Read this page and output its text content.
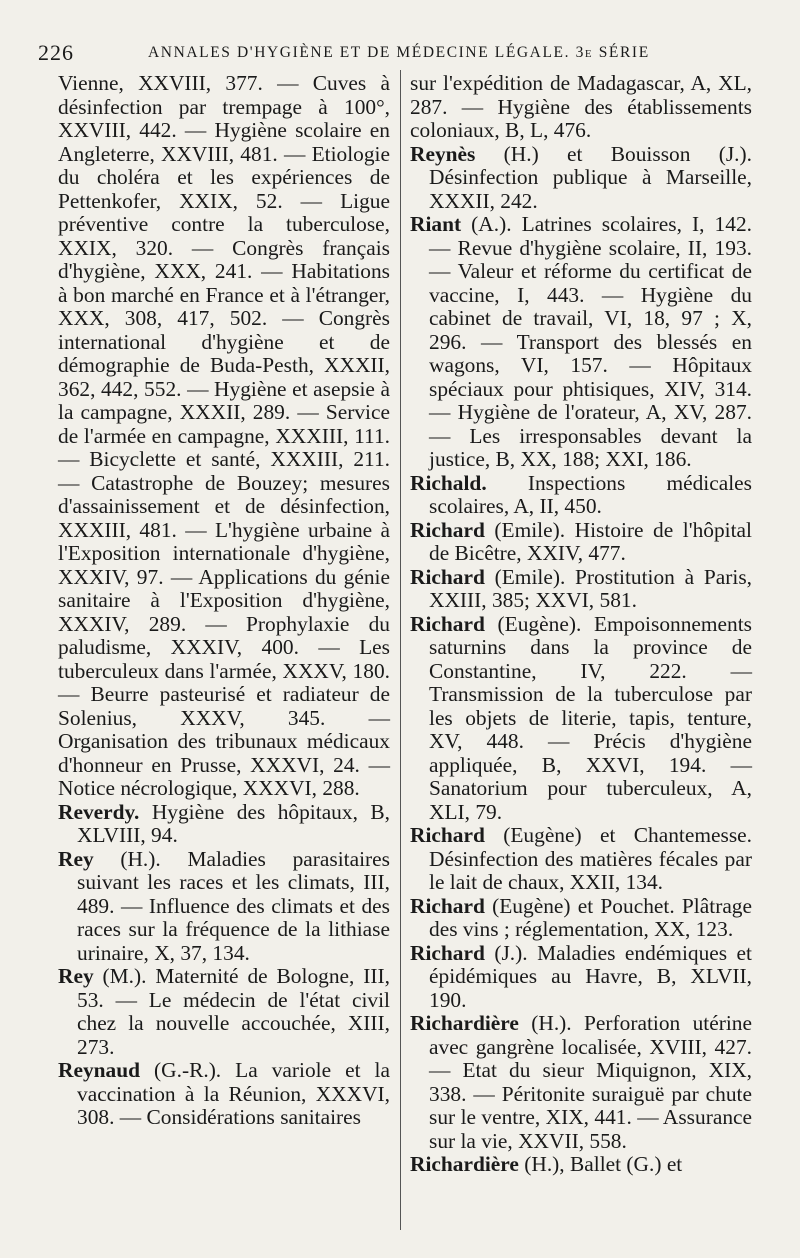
226	ANNALES D'HYGIÈNE ET DE MÉDECINE LÉGALE. 3e SÉRIE

Vienne, XXVIII, 377. — Cuves à désinfection par trempage à 100°, XXVIII, 442. — Hygiène scolaire en Angleterre, XXVIII, 481. — Etiologie du choléra et les expériences de Pettenkofer, XXIX, 52. — Ligue préventive contre la tuberculose, XXIX, 320. — Congrès français d'hygiène, XXX, 241. — Habitations à bon marché en France et à l'étranger, XXX, 308, 417, 502. — Congrès international d'hygiène et de démographie de Buda-Pesth, XXXII, 362, 442, 552. — Hygiène et asepsie à la campagne, XXXII, 289. — Service de l'armée en campagne, XXXIII, 111. — Bicyclette et santé, XXXIII, 211. — Catastrophe de Bouzey; mesures d'assainissement et de désinfection, XXXIII, 481. — L'hygiène urbaine à l'Exposition internationale d'hygiène, XXXIV, 97. — Applications du génie sanitaire à l'Exposition d'hygiène, XXXIV, 289. — Prophylaxie du paludisme, XXXIV, 400. — Les tuberculeux dans l'armée, XXXV, 180. — Beurre pasteurisé et radiateur de Solenius, XXXV, 345. — Organisation des tribunaux médicaux d'honneur en Prusse, XXXVI, 24. — Notice nécrologique, XXXVI, 288.

Reverdy. Hygiène des hôpitaux, B, XLVIII, 94.

Rey (H.). Maladies parasitaires suivant les races et les climats, III, 489. — Influence des climats et des races sur la fréquence de la lithiase urinaire, X, 37, 134.

Rey (M.). Maternité de Bologne, III, 53. — Le médecin de l'état civil chez la nouvelle accouchée, XIII, 273.

Reynaud (G.-R.). La variole et la vaccination à la Réunion, XXXVI, 308. — Considérations sanitaires

sur l'expédition de Madagascar, A, XL, 287. — Hygiène des établissements coloniaux, B, L, 476.

Reynès (H.) et Bouisson (J.). Désinfection publique à Marseille, XXXII, 242.

Riant (A.). Latrines scolaires, I, 142. — Revue d'hygiène scolaire, II, 193. — Valeur et réforme du certificat de vaccine, I, 443. — Hygiène du cabinet de travail, VI, 18, 97 ; X, 296. — Transport des blessés en wagons, VI, 157. — Hôpitaux spéciaux pour phtisiques, XIV, 314. — Hygiène de l'orateur, A, XV, 287. — Les irresponsables devant la justice, B, XX, 188; XXI, 186.

Richald. Inspections médicales scolaires, A, II, 450.

Richard (Emile). Histoire de l'hôpital de Bicêtre, XXIV, 477.

Richard (Emile). Prostitution à Paris, XXIII, 385; XXVI, 581.

Richard (Eugène). Empoisonnements saturnins dans la province de Constantine, IV, 222. — Transmission de la tuberculose par les objets de literie, tapis, tenture, XV, 448. — Précis d'hygiène appliquée, B, XXVI, 194. — Sanatorium pour tuberculeux, A, XLI, 79.

Richard (Eugène) et Chantemesse. Désinfection des matières fécales par le lait de chaux, XXII, 134.

Richard (Eugène) et Pouchet. Plâtrage des vins ; réglementation, XX, 123.

Richard (J.). Maladies endémiques et épidémiques au Havre, B, XLVII, 190.

Richardière (H.). Perforation utérine avec gangrène localisée, XVIII, 427. — Etat du sieur Miquignon, XIX, 338. — Péritonite suraiguë par chute sur le ventre, XIX, 441. — Assurance sur la vie, XXVII, 558.

Richardière (H.), Ballet (G.) et
